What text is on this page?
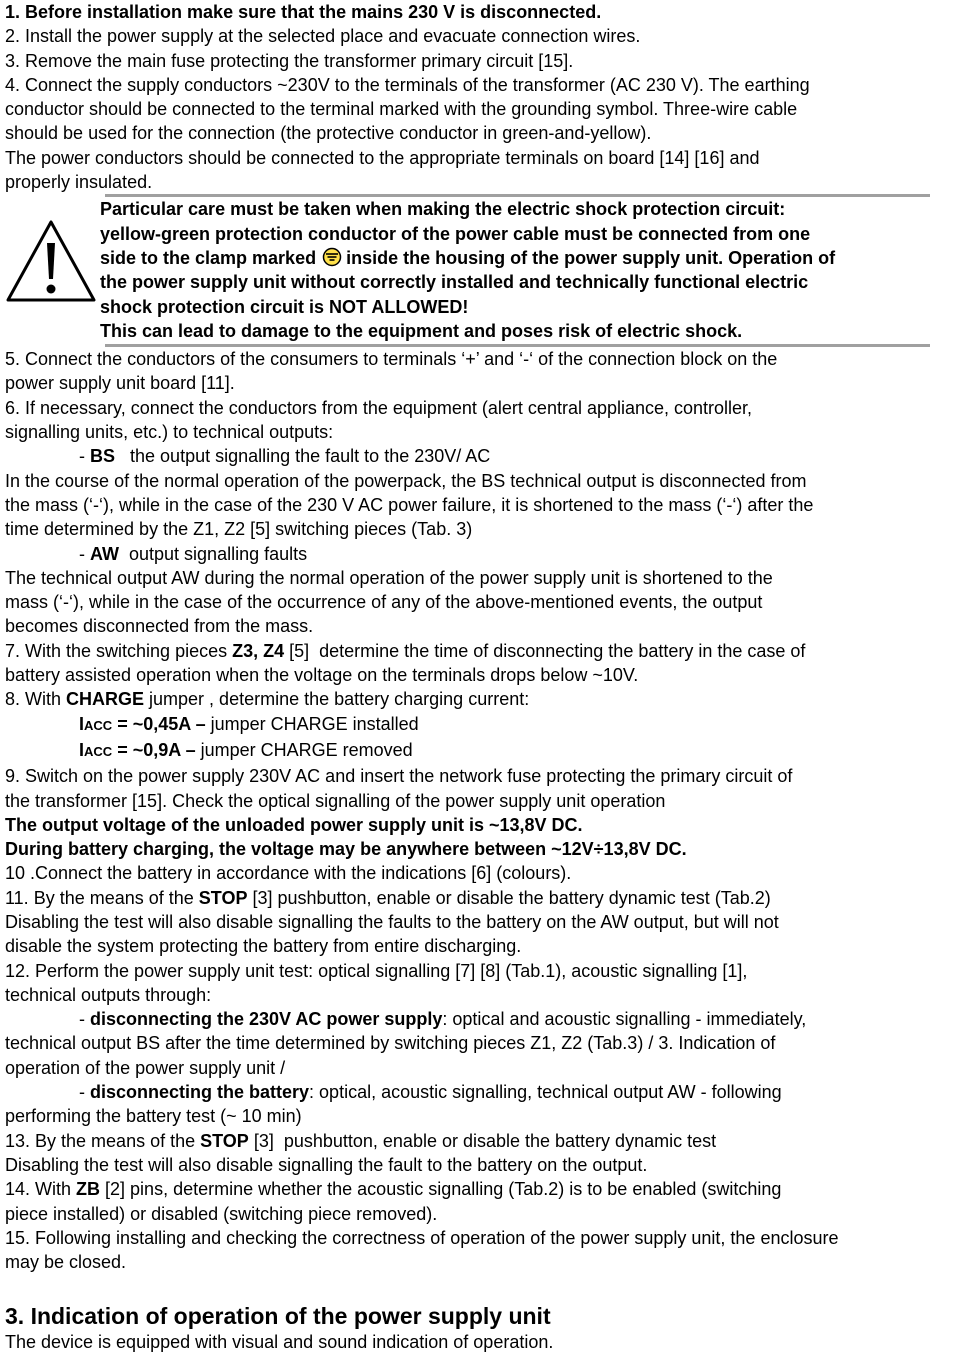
1. Before installation make sure that the mains 230 V is disconnected.
2. Install the power supply at the selected place and evacuate connection wires.
3. Remove the main fuse protecting the transformer primary circuit [15].
4. Connect the supply conductors ~230V to the terminals of the transformer (AC 230 V). The earthing
conductor should be connected to the terminal marked with the grounding symbol. Three-wire cable
should be used for the connection (the protective conductor in green-and-yellow).
The power conductors should be connected to the appropriate terminals on board [14] [16] and
properly insulated.
Particular care must be taken when making the electric shock protection circuit:
yellow-green protection conductor of the power cable must be connected from one
side to the clamp marked inside the housing of the power supply unit. Operation of
the power supply unit without correctly installed and technically functional electric
shock protection circuit is NOT ALLOWED!
This can lead to damage to the equipment and poses risk of electric shock.
5. Connect the conductors of the consumers to terminals ‘+’ and ‘-‘ of the connection block on the
power supply unit board [11].
6. If necessary, connect the conductors from the equipment (alert central appliance, controller,
signalling units, etc.) to technical outputs:
- BS   the output signalling the fault to the 230V/ AC
In the course of the normal operation of the powerpack, the BS technical output is disconnected from
the mass (‘-‘), while in the case of the 230 V AC power failure, it is shortened to the mass (‘-‘) after the
time determined by the Z1, Z2 [5] switching pieces (Tab. 3)
- AW  output signalling faults
The technical output AW during the normal operation of the power supply unit is shortened to the
mass (‘-‘), while in the case of the occurrence of any of the above-mentioned events, the output
becomes disconnected from the mass.
7. With the switching pieces Z3, Z4 [5]  determine the time of disconnecting the battery in the case of
battery assisted operation when the voltage on the terminals drops below ~10V.
8. With CHARGE jumper , determine the battery charging current:
IACC = ~0,45A – jumper CHARGE installed
IACC = ~0,9A – jumper CHARGE removed
9. Switch on the power supply 230V AC and insert the network fuse protecting the primary circuit of
the transformer [15]. Check the optical signalling of the power supply unit operation
The output voltage of the unloaded power supply unit is ~13,8V DC.
During battery charging, the voltage may be anywhere between ~12V÷13,8V DC.
10 .Connect the battery in accordance with the indications [6] (colours).
11. By the means of the STOP [3] pushbutton, enable or disable the battery dynamic test (Tab.2)
Disabling the test will also disable signalling the faults to the battery on the AW output, but will not
disable the system protecting the battery from entire discharging.
12. Perform the power supply unit test: optical signalling [7] [8] (Tab.1), acoustic signalling [1],
technical outputs through:
- disconnecting the 230V AC power supply: optical and acoustic signalling - immediately,
technical output BS after the time determined by switching pieces Z1, Z2 (Tab.3) / 3. Indication of
operation of the power supply unit /
- disconnecting the battery: optical, acoustic signalling, technical output AW - following
performing the battery test (~ 10 min)
13. By the means of the STOP [3]  pushbutton, enable or disable the battery dynamic test
Disabling the test will also disable signalling the fault to the battery on the output.
14. With ZB [2] pins, determine whether the acoustic signalling (Tab.2) is to be enabled (switching
piece installed) or disabled (switching piece removed).
15. Following installing and checking the correctness of operation of the power supply unit, the enclosure
may be closed.
3. Indication of operation of the power supply unit
The device is equipped with visual and sound indication of operation.
